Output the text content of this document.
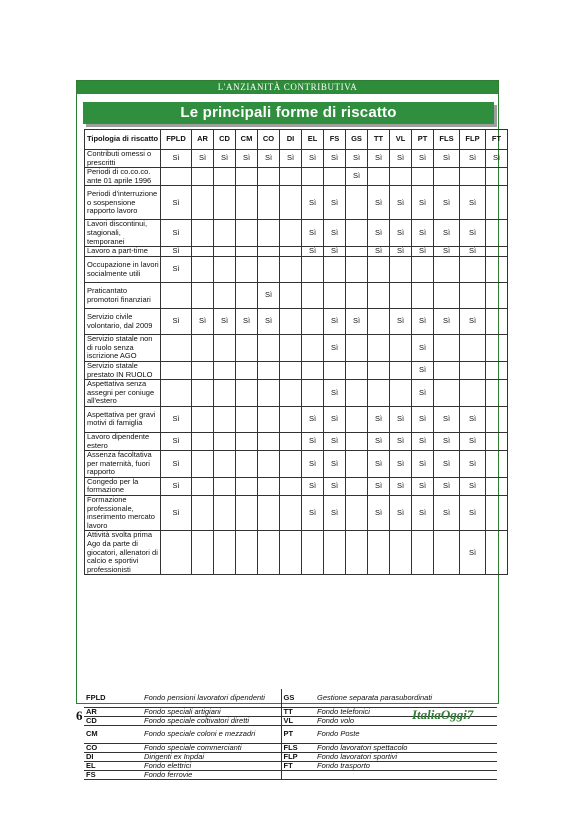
L'ANZIANITÀ CONTRIBUTIVA
Le principali forme di riscatto
Tipologia di riscatto	FPLD	AR	CD	CM	CO	DI	EL	FS	GS	TT	VL	PT	FLS	FLP	FT
Contributi omessi o prescritti	Sì	Sì	Sì	Sì	Sì	Sì	Sì	Sì	Sì	Sì	Sì	Sì	Sì	Sì	Sì
Periodi di co.co.co. ante 01 aprile 1996									Sì						
Periodi d'interruzione o sospensione rapporto lavoro	Sì						Sì	Sì		Sì	Sì	Sì	Sì	Sì	
Lavori discontinui, stagionali, temporanei	Sì						Sì	Sì		Sì	Sì	Sì	Sì	Sì	
Lavoro a part-time	Sì						Sì	Sì		Sì	Sì	Sì	Sì	Sì	
Occupazione in lavori socialmente utili	Sì														
Praticantato promotori finanziari					Sì										
Servizio civile volontario, dal 2009	Sì	Sì	Sì	Sì	Sì			Sì	Sì		Sì	Sì	Sì	Sì	
Servizio statale non di ruolo senza iscrizione AGO								Sì				Sì			
Servizio statale prestato IN RUOLO												Sì			
Aspettativa senza assegni per coniuge all'estero								Sì				Sì			
Aspettativa per gravi motivi di famiglia	Sì						Sì	Sì		Sì	Sì	Sì	Sì	Sì	
Lavoro dipendente estero	Sì						Sì	Sì		Sì	Sì	Sì	Sì	Sì	
Assenza facoltativa per maternità, fuori rapporto	Sì						Sì	Sì		Sì	Sì	Sì	Sì	Sì	
Congedo per la formazione	Sì						Sì	Sì		Sì	Sì	Sì	Sì	Sì	
Formazione professionale, inserimento mercato lavoro	Sì						Sì	Sì		Sì	Sì	Sì	Sì	Sì	
Attività svolta prima Ago da parte di giocatori, allenatori di calcio e sportivi professionisti														Sì	
FPLD	Fondo pensioni lavoratori dipendenti	GS	Gestione separata parasubordinati
AR	Fondo speciali artigiani	TT	Fondo telefonici
CD	Fondo speciale coltivatori diretti	VL	Fondo volo
CM	Fondo speciale coloni e mezzadri	PT	Fondo Poste
CO	Fondo speciale commercianti	FLS	Fondo lavoratori spettacolo
DI	Dirigenti ex Inpdai	FLP	Fondo lavoratori sportivi
EL	Fondo elettrici	FT	Fondo trasporto
FS	Fondo ferrovie		
6	ItaliaOggi7
